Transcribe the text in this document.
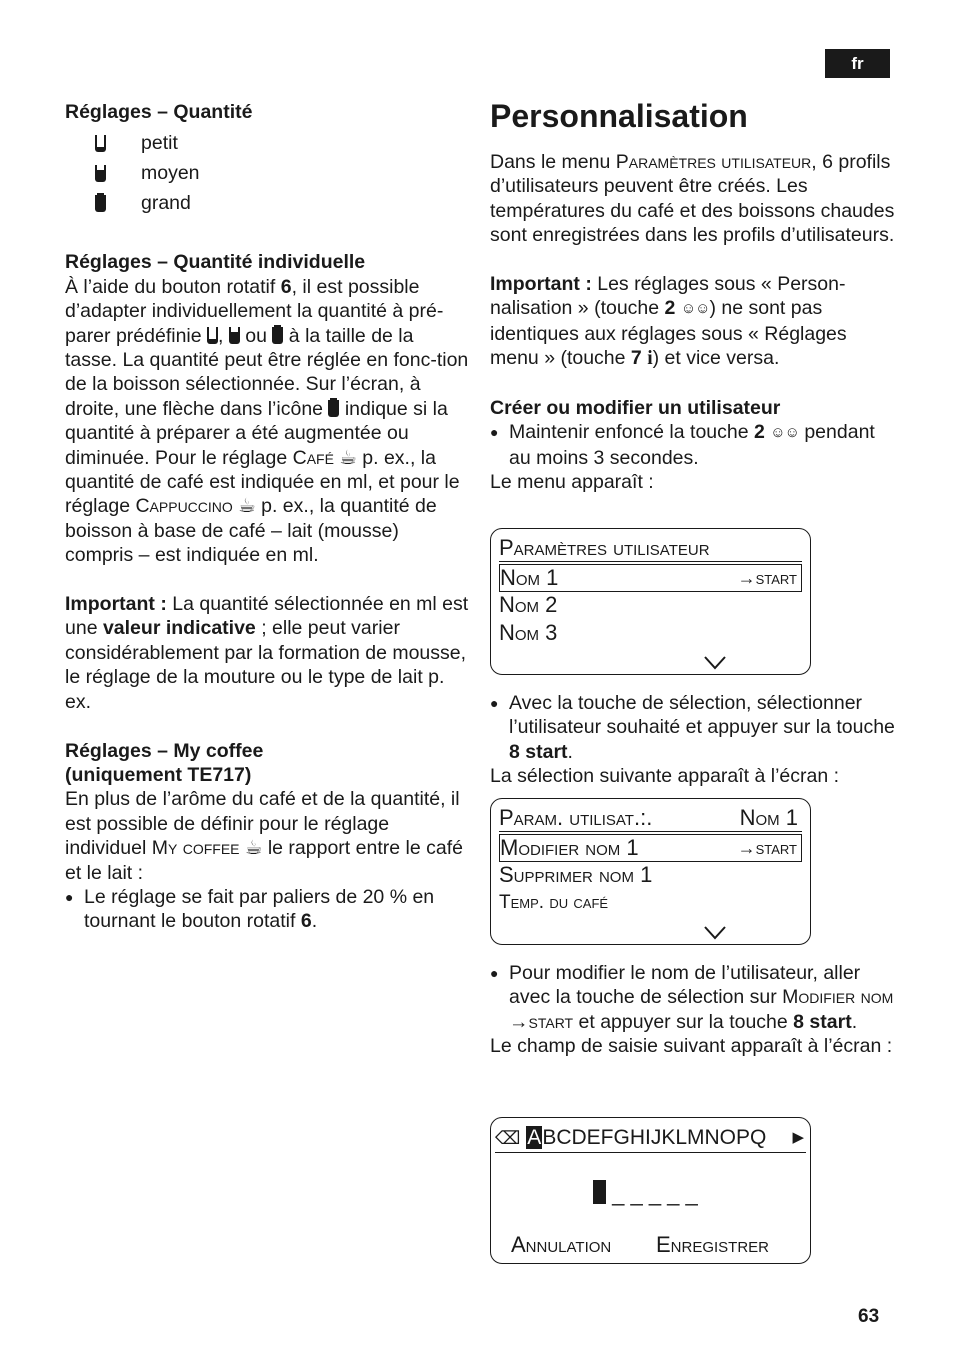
fr

Réglages – Quantité

petit
moyen
grand

Réglages – Quantité individuelle

À l’aide du bouton rotatif 6, il est possible d’adapter individuellement la quantité à pré-parer prédéfinie
,
ou
à la taille de la tasse. La quantité peut être réglée en fonc-tion de la boisson sélectionnée. Sur l’écran, à droite, une flèche dans l’icône
indique si la quantité à préparer a été augmentée ou diminuée. Pour le réglage Café ☕ p. ex., la quantité de café est indiquée en ml, et pour le réglage Cappuccino ☕ p. ex., la quantité de boisson à base de café – lait (mousse) compris – est indiquée en ml.

Important : La quantité sélectionnée en ml est une valeur indicative ; elle peut varier considérablement par la formation de mousse, le réglage de la mouture ou le type de lait p. ex.

Réglages – My coffee

(uniquement TE717)

En plus de l’arôme du café et de la quantité, il est possible de définir pour le réglage individuel My coffee ☕ le rapport entre le café et le lait :

● Le réglage se fait par paliers de 20 % en tournant le bouton rotatif 6.

Personnalisation

Dans le menu Paramètres utilisateur, 6 profils d’utilisateurs peuvent être créés. Les températures du café et des boissons chaudes sont enregistrées dans les profils d’utilisateurs.

Important : Les réglages sous « Person-nalisation » (touche 2 ☺☺) ne sont pas identiques aux réglages sous « Réglages menu » (touche 7 i) et vice versa.

Créer ou modifier un utilisateur

● Maintenir enfoncé la touche 2 ☺☺ pendant au moins 3 secondes.

Le menu apparaît :

Paramètres utilisateur
Nom 1	→start
Nom 2
Nom 3

● Avec la touche de sélection, sélectionner l’utilisateur souhaité et appuyer sur la touche 8 start.

La sélection suivante apparaît à l’écran :

Param. utilisat.:.	Nom 1
Modifier nom 1	→start
Supprimer nom 1
Temp. du café

● Pour modifier le nom de l’utilisateur, aller avec la touche de sélection sur Modifier nom →start et appuyer sur la touche 8 start.

Le champ de saisie suivant apparaît à l’écran :

⌫ ABCDEFGHIJKLMNOPQ ▶
_ _ _ _ _
Annulation Enregistrer
63
